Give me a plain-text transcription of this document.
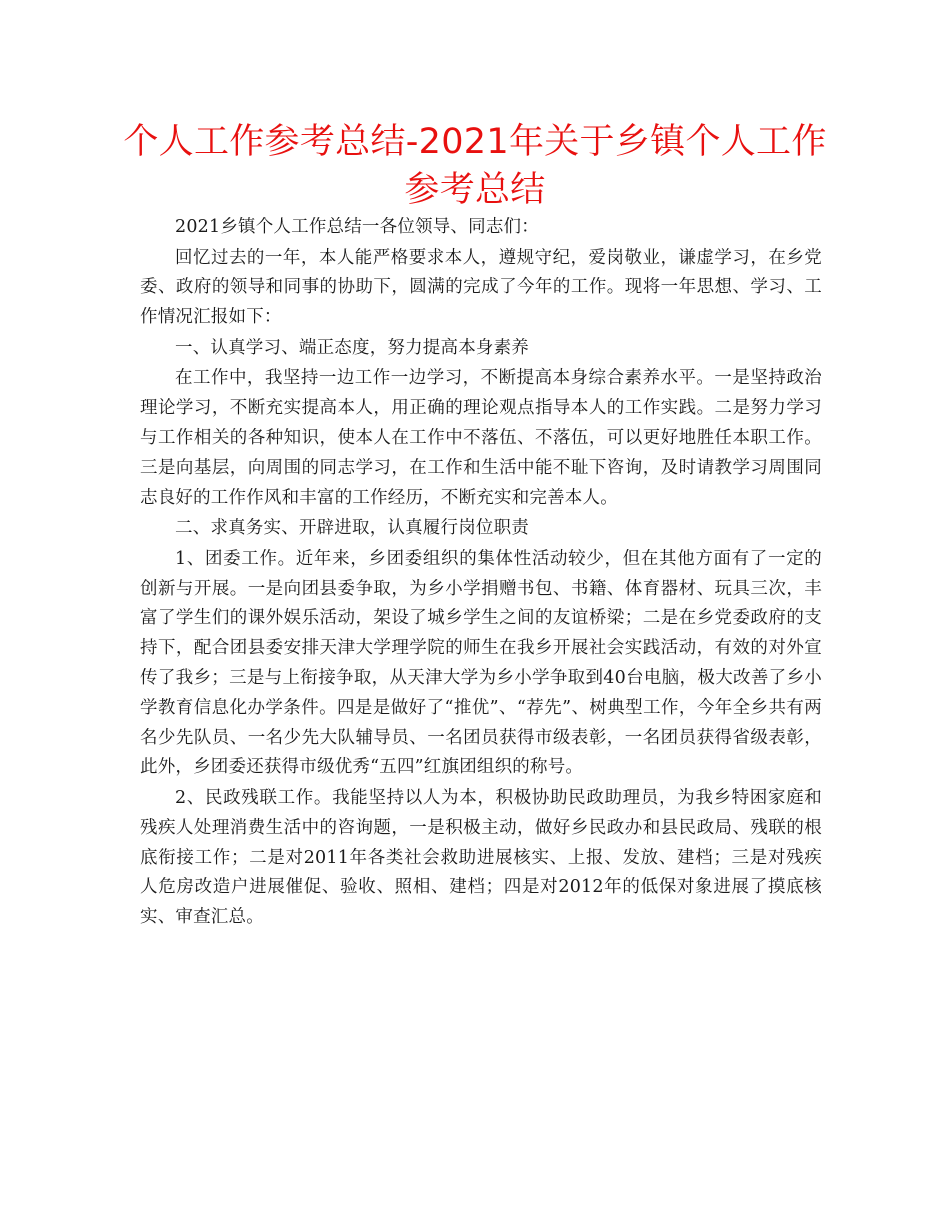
个人工作参考总结-2021年关于乡镇个人工作参考总结

2021乡镇个人工作总结一各位领导、同志们：

回忆过去的一年，本人能严格要求本人，遵规守纪，爱岗敬业，谦虚学习，在乡党委、政府的领导和同事的协助下，圆满的完成了今年的工作。现将一年思想、学习、工作情况汇报如下：

一、认真学习、端正态度，努力提高本身素养

在工作中，我坚持一边工作一边学习，不断提高本身综合素养水平。一是坚持政治理论学习，不断充实提高本人，用正确的理论观点指导本人的工作实践。二是努力学习与工作相关的各种知识，使本人在工作中不落伍、不落伍，可以更好地胜任本职工作。三是向基层，向周围的同志学习，在工作和生活中能不耻下咨询，及时请教学习周围同志良好的工作作风和丰富的工作经历，不断充实和完善本人。

二、求真务实、开辟进取，认真履行岗位职责

1、团委工作。近年来，乡团委组织的集体性活动较少，但在其他方面有了一定的创新与开展。一是向团县委争取，为乡小学捐赠书包、书籍、体育器材、玩具三次，丰富了学生们的课外娱乐活动，架设了城乡学生之间的友谊桥梁；二是在乡党委政府的支持下，配合团县委安排天津大学理学院的师生在我乡开展社会实践活动，有效的对外宣传了我乡；三是与上衔接争取，从天津大学为乡小学争取到40台电脑，极大改善了乡小学教育信息化办学条件。四是是做好了“推优”、“荐先”、树典型工作，今年全乡共有两名少先队员、一名少先大队辅导员、一名团员获得市级表彰，一名团员获得省级表彰，此外，乡团委还获得市级优秀“五四”红旗团组织的称号。

2、民政残联工作。我能坚持以人为本，积极协助民政助理员，为我乡特困家庭和残疾人处理消费生活中的咨询题，一是积极主动，做好乡民政办和县民政局、残联的根底衔接工作；二是对2011年各类社会救助进展核实、上报、发放、建档；三是对残疾人危房改造户进展催促、验收、照相、建档；四是对2012年的低保对象进展了摸底核实、审查汇总。
